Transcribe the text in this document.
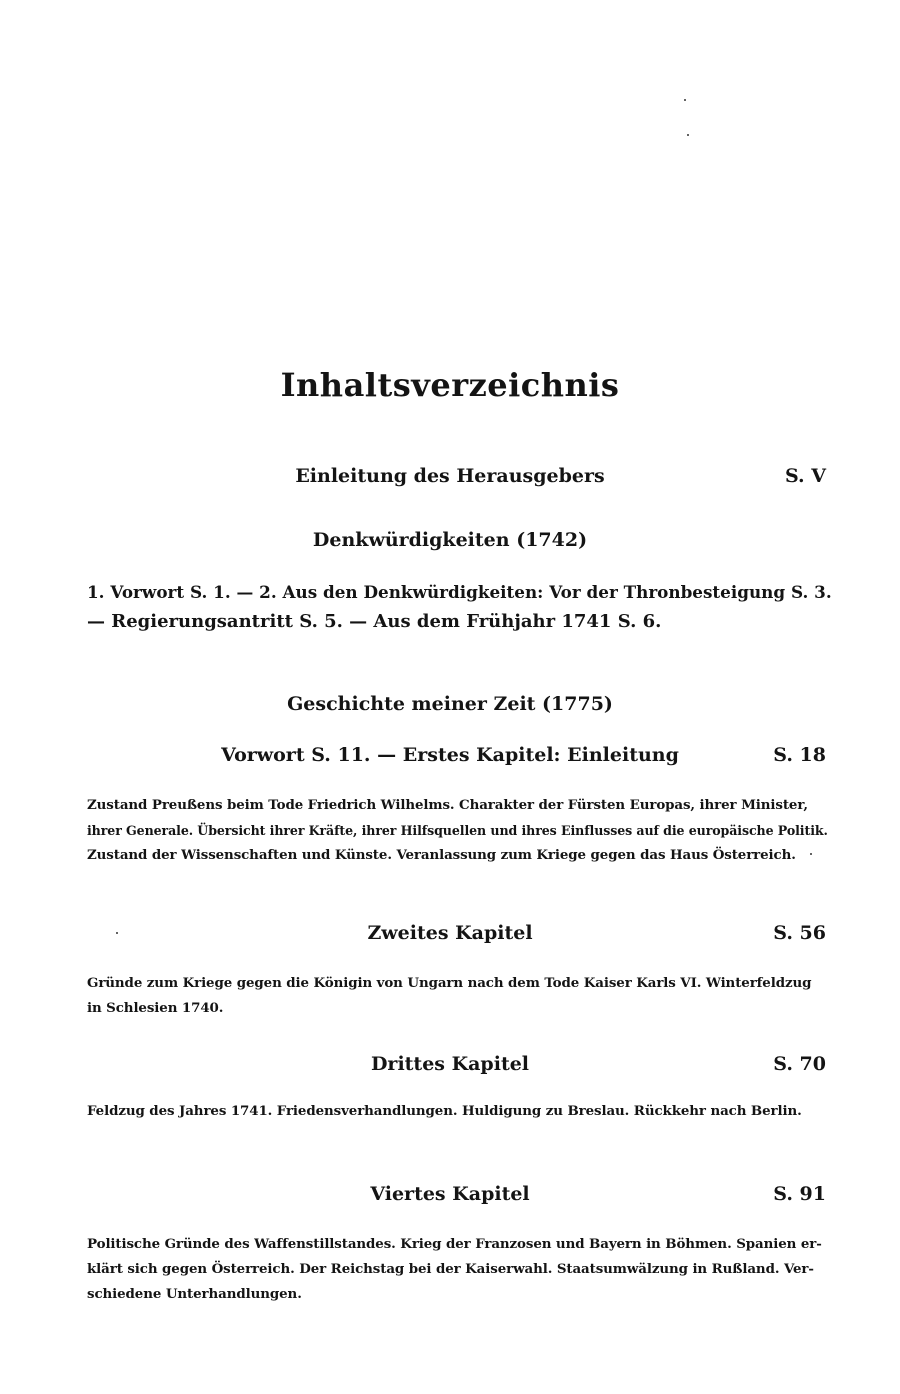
Inhaltsverzeichnis
Einleitung des Herausgebers	S. V
Denkwürdigkeiten (1742)
1. Vorwort S. 1. — 2. Aus den Denkwürdigkeiten: Vor der Thronbesteigung S. 3.
— Regierungsantritt S. 5. — Aus dem Frühjahr 1741 S. 6.
Geschichte meiner Zeit (1775)
Vorwort S. 11. — Erstes Kapitel: Einleitung	S. 18
Zustand Preußens beim Tode Friedrich Wilhelms. Charakter der Fürsten Europas, ihrer Minister,
ihrer Generale. Übersicht ihrer Kräfte, ihrer Hilfsquellen und ihres Einflusses auf die europäische Politik.
Zustand der Wissenschaften und Künste. Veranlassung zum Kriege gegen das Haus Österreich.
Zweites Kapitel	S. 56
Gründe zum Kriege gegen die Königin von Ungarn nach dem Tode Kaiser Karls VI. Winterfeldzug
in Schlesien 1740.
Drittes Kapitel	S. 70
Feldzug des Jahres 1741. Friedensverhandlungen. Huldigung zu Breslau. Rückkehr nach Berlin.
Viertes Kapitel	S. 91
Politische Gründe des Waffenstillstandes. Krieg der Franzosen und Bayern in Böhmen. Spanien er-
klärt sich gegen Österreich. Der Reichstag bei der Kaiserwahl. Staatsumwälzung in Rußland. Ver-
schiedene Unterhandlungen.
